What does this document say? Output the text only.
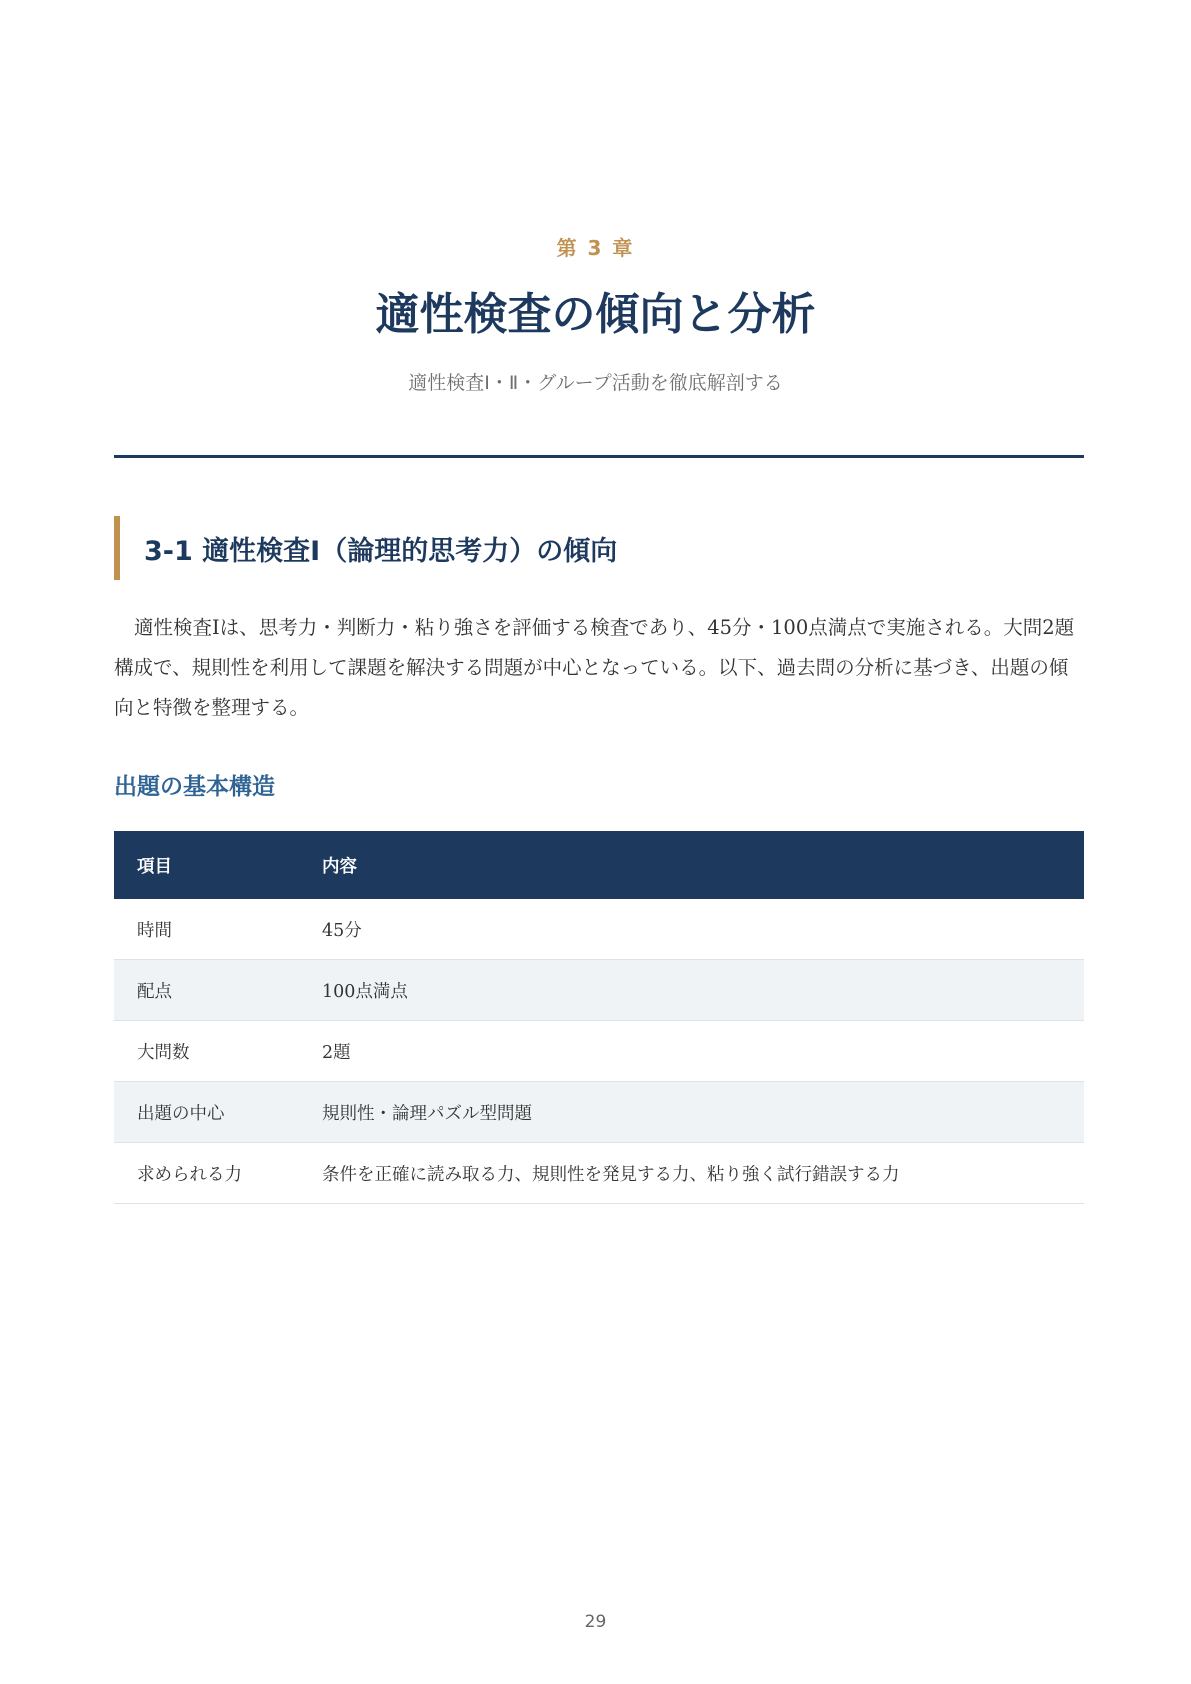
第 3 章
適性検査の傾向と分析
適性検査Ⅰ・Ⅱ・グループ活動を徹底解剖する
3-1 適性検査Ⅰ（論理的思考力）の傾向

適性検査Ⅰは、思考力・判断力・粘り強さを評価する検査であり、45分・100点満点で実施される。大問2題構成で、規則性を利用して課題を解決する問題が中心となっている。以下、過去問の分析に基づき、出題の傾向と特徴を整理する。

出題の基本構造
項目	内容
時間	45分
配点	100点満点
大問数	2題
出題の中心	規則性・論理パズル型問題
求められる力	条件を正確に読み取る力、規則性を発見する力、粘り強く試行錯誤する力
29
